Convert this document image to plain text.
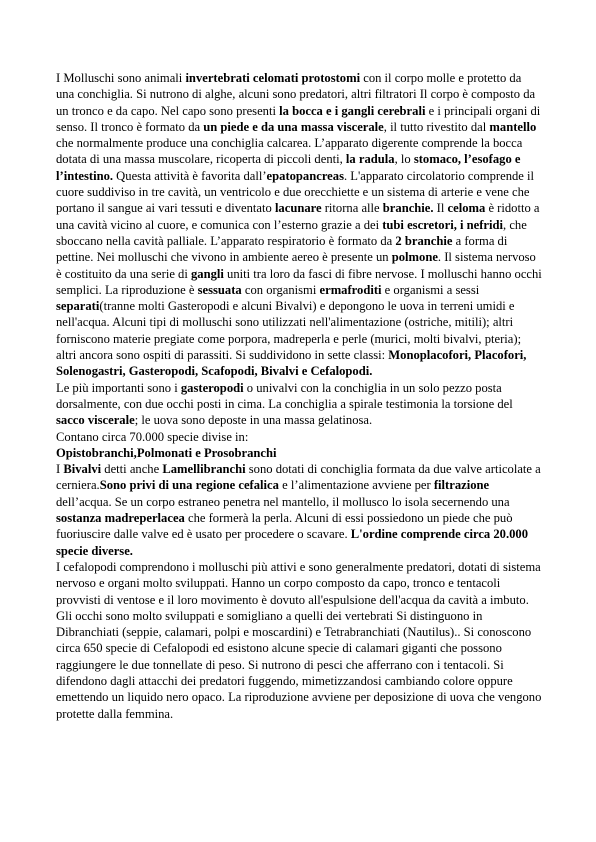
I Molluschi sono animali invertebrati celomati protostomi con il corpo molle e protetto da una conchiglia. Si nutrono di alghe, alcuni sono predatori, altri filtratori Il corpo è composto da un tronco e da capo. Nel capo sono presenti la bocca e i gangli cerebrali e i principali organi di senso. Il tronco è formato da un piede e da una massa viscerale, il tutto rivestito dal mantello che normalmente produce una conchiglia calcarea. L’apparato digerente comprende la bocca dotata di una massa muscolare, ricoperta di piccoli denti, la radula, lo stomaco, l’esofago e l’intestino. Questa attività è favorita dall’epatopancreas. L'apparato circolatorio comprende il cuore suddiviso in tre cavità, un ventricolo e due orecchiette e un sistema di arterie e vene che portano il sangue ai vari tessuti e diventato lacunare ritorna alle branchie. Il celoma è ridotto a una cavità vicino al cuore, e comunica con l’esterno grazie a dei tubi escretori, i nefridi, che sboccano nella cavità palliale. L’apparato respiratorio è formato da 2 branchie a forma di pettine. Nei molluschi che vivono in ambiente aereo è presente un polmone. Il sistema nervoso è costituito da una serie di gangli uniti tra loro da fasci di fibre nervose. I molluschi hanno occhi semplici. La riproduzione è sessuata con organismi ermafroditi e organismi a sessi separati(tranne molti Gasteropodi e alcuni Bivalvi) e depongono le uova in terreni umidi e nell'acqua. Alcuni tipi di molluschi sono utilizzati nell'alimentazione (ostriche, mitili); altri forniscono materie pregiate come porpora, madreperla e perle (murici, molti bivalvi, pteria); altri ancora sono ospiti di parassiti. Si suddividono in sette classi: Monoplacofori, Placofori, Solenogastri, Gasteropodi, Scafopodi, Bivalvi e Cefalopodi.

Le più importanti sono i gasteropodi o univalvi con la conchiglia in un solo pezzo posta dorsalmente, con due occhi posti in cima. La conchiglia a spirale testimonia la torsione del sacco viscerale; le uova sono deposte in una massa gelatinosa.

Contano circa 70.000 specie divise in:

Opistobranchi,Polmonati e Prosobranchi

I Bivalvi detti anche Lamellibranchi sono dotati di conchiglia formata da due valve articolate a cerniera.Sono privi di una regione cefalica e l’alimentazione avviene per filtrazione dell’acqua. Se un corpo estraneo penetra nel mantello, il mollusco lo isola secernendo una sostanza madreperlacea che formerà la perla. Alcuni di essi possiedono un piede che può fuoriuscire dalle valve ed è usato per procedere o scavare. L'ordine comprende circa 20.000 specie diverse.

I cefalopodi comprendono i molluschi più attivi e sono generalmente predatori, dotati di sistema nervoso e organi molto sviluppati. Hanno un corpo composto da capo, tronco e tentacoli provvisti di ventose e il loro movimento è dovuto all'espulsione dell'acqua da cavità a imbuto. Gli occhi sono molto sviluppati e somigliano a quelli dei vertebrati Si distinguono in Dibranchiati (seppie, calamari, polpi e moscardini) e Tetrabranchiati (Nautilus).. Si conoscono circa 650 specie di Cefalopodi ed esistono alcune specie di calamari giganti che possono raggiungere le due tonnellate di peso. Si nutrono di pesci che afferrano con i tentacoli. Si difendono dagli attacchi dei predatori fuggendo, mimetizzandosi cambiando colore oppure emettendo un liquido nero opaco. La riproduzione avviene per deposizione di uova che vengono protette dalla femmina.
